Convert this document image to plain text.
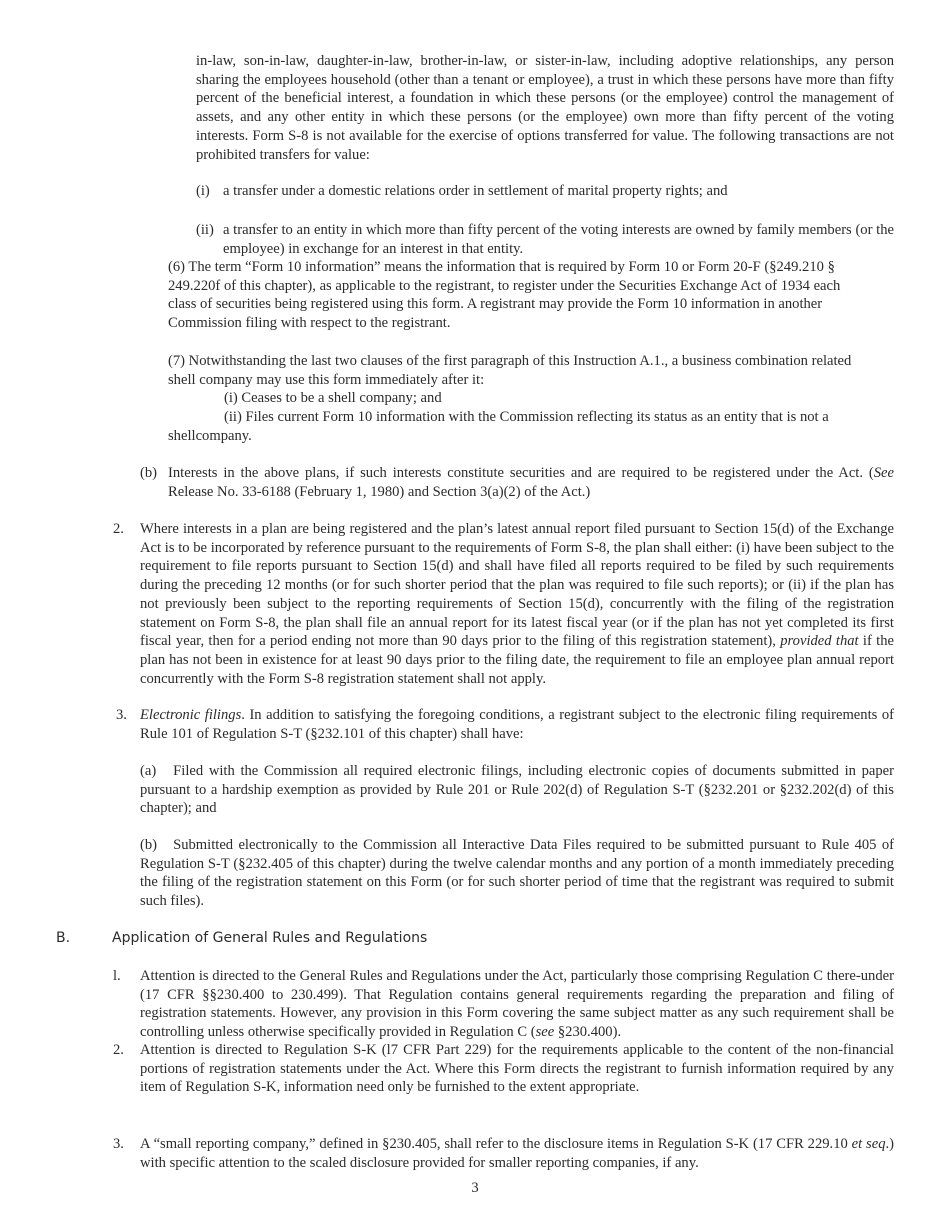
in-law, son-in-law, daughter-in-law, brother-in-law, or sister-in-law, including adoptive relationships, any person sharing the employees household (other than a tenant or employee), a trust in which these persons have more than fifty percent of the beneficial interest, a foundation in which these persons (or the employee) control the management of assets, and any other entity in which these persons (or the employee) own more than fifty percent of the voting interests. Form S-8 is not available for the exercise of options transferred for value. The following transactions are not prohibited transfers for value:

(i) a transfer under a domestic relations order in settlement of marital property rights; and

(ii) a transfer to an entity in which more than fifty percent of the voting interests are owned by family members (or the employee) in exchange for an interest in that entity.

(6) The term “Form 10 information” means the information that is required by Form 10 or Form 20-F (§249.210 § 249.220f of this chapter), as applicable to the registrant, to register under the Securities Exchange Act of 1934 each class of securities being registered using this form. A registrant may provide the Form 10 information in another Commission filing with respect to the registrant.

(7) Notwithstanding the last two clauses of the first paragraph of this Instruction A.1., a business combination related shell company may use this form immediately after it:

(i) Ceases to be a shell company; and

(ii) Files current Form 10 information with the Commission reflecting its status as an entity that is not a shellcompany.

(b) Interests in the above plans, if such interests constitute securities and are required to be registered under the Act. (See Release No. 33-6188 (February 1, 1980) and Section 3(a)(2) of the Act.)

2. Where interests in a plan are being registered and the plan’s latest annual report filed pursuant to Section 15(d) of the Exchange Act is to be incorporated by reference pursuant to the requirements of Form S-8, the plan shall either: (i) have been subject to the requirement to file reports pursuant to Section 15(d) and shall have filed all reports required to be filed by such requirements during the preceding 12 months (or for such shorter period that the plan was required to file such reports); or (ii) if the plan has not previously been subject to the reporting requirements of Section 15(d), concurrently with the filing of the registration statement on Form S-8, the plan shall file an annual report for its latest fiscal year (or if the plan has not yet completed its first fiscal year, then for a period ending not more than 90 days prior to the filing of this registration statement), provided that if the plan has not been in existence for at least 90 days prior to the filing date, the requirement to file an employee plan annual report concurrently with the Form S-8 registration statement shall not apply.

3. Electronic filings. In addition to satisfying the foregoing conditions, a registrant subject to the electronic filing requirements of Rule 101 of Regulation S-T (§232.101 of this chapter) shall have:

(a)   Filed with the Commission all required electronic filings, including electronic copies of documents submitted in paper pursuant to a hardship exemption as provided by Rule 201 or Rule 202(d) of Regulation S-T (§232.201 or §232.202(d) of this chapter); and

(b)   Submitted electronically to the Commission all Interactive Data Files required to be submitted pursuant to Rule 405 of Regulation S-T (§232.405 of this chapter) during the twelve calendar months and any portion of a month immediately preceding the filing of the registration statement on this Form (or for such shorter period of time that the registrant was required to submit such files).

B.	Application of General Rules and Regulations
l. Attention is directed to the General Rules and Regulations under the Act, particularly those comprising Regulation C there-under (17 CFR §§230.400 to 230.499). That Regulation contains general requirements regarding the preparation and filing of registration statements. However, any provision in this Form covering the same subject matter as any such requirement shall be controlling unless otherwise specifically provided in Regulation C (see §230.400).

2. Attention is directed to Regulation S-K (l7 CFR Part 229) for the requirements applicable to the content of the non-financial portions of registration statements under the Act. Where this Form directs the registrant to furnish information required by any item of Regulation S-K, information need only be furnished to the extent appropriate.

3. A “small reporting company,” defined in §230.405, shall refer to the disclosure items in Regulation S-K (17 CFR 229.10 et seq.) with specific attention to the scaled disclosure provided for smaller reporting companies, if any.

3
